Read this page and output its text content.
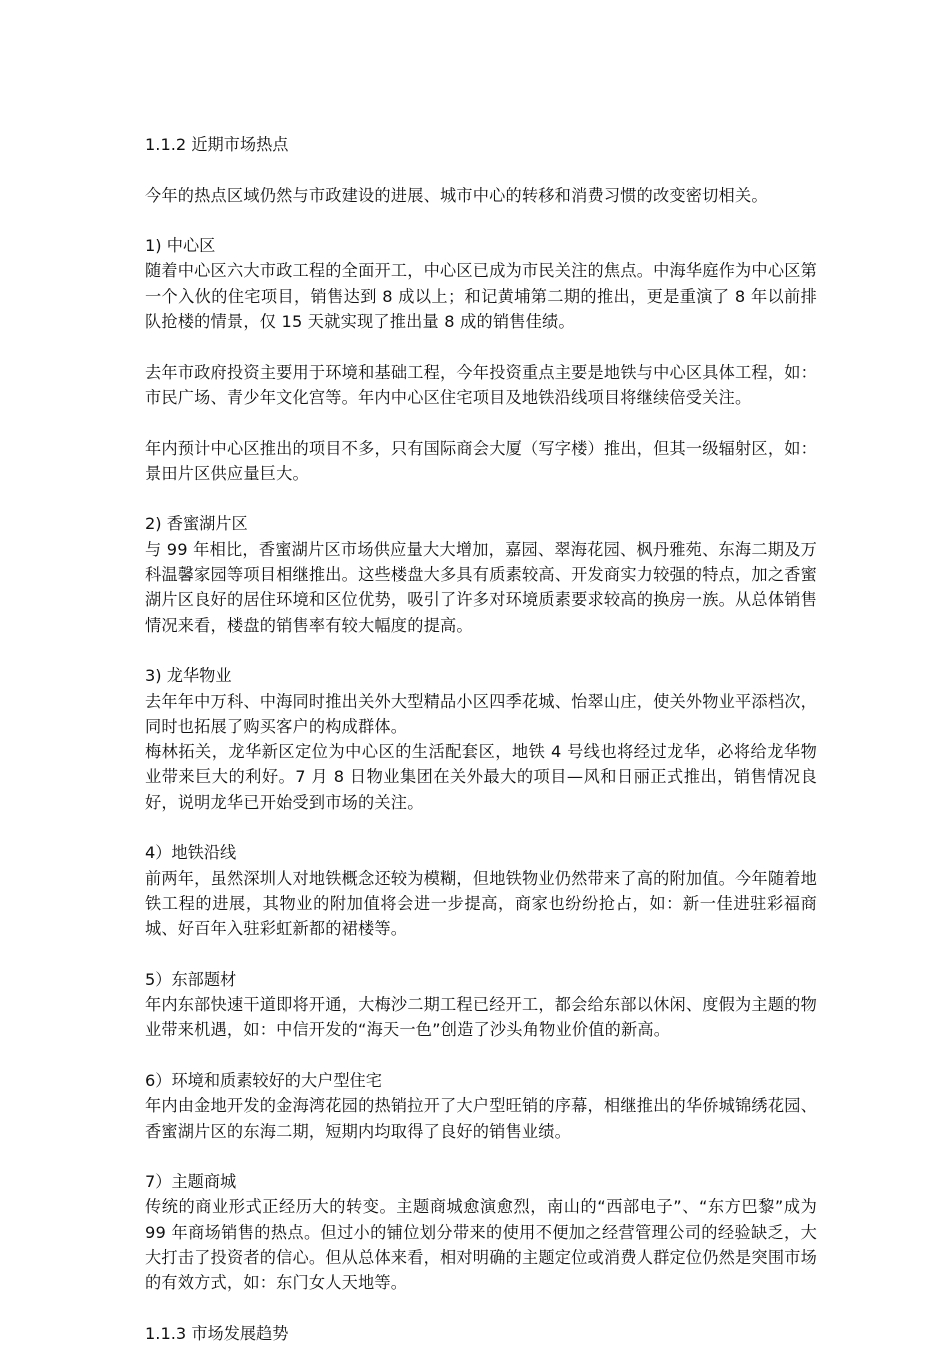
1.1.2 近期市场热点

今年的热点区域仍然与市政建设的进展、城市中心的转移和消费习惯的改变密切相关。

1) 中心区

随着中心区六大市政工程的全面开工，中心区已成为市民关注的焦点。中海华庭作为中心区第一个入伙的住宅项目，销售达到 8 成以上；和记黄埔第二期的推出，更是重演了 8 年以前排队抢楼的情景，仅 15 天就实现了推出量 8 成的销售佳绩。

去年市政府投资主要用于环境和基础工程，今年投资重点主要是地铁与中心区具体工程，如：市民广场、青少年文化宫等。年内中心区住宅项目及地铁沿线项目将继续倍受关注。

年内预计中心区推出的项目不多，只有国际商会大厦（写字楼）推出，但其一级辐射区，如：景田片区供应量巨大。

2) 香蜜湖片区

与 99 年相比，香蜜湖片区市场供应量大大增加，嘉园、翠海花园、枫丹雅苑、东海二期及万科温馨家园等项目相继推出。这些楼盘大多具有质素较高、开发商实力较强的特点，加之香蜜湖片区良好的居住环境和区位优势，吸引了许多对环境质素要求较高的换房一族。从总体销售情况来看，楼盘的销售率有较大幅度的提高。

3) 龙华物业

去年年中万科、中海同时推出关外大型精品小区四季花城、怡翠山庄，使关外物业平添档次，同时也拓展了购买客户的构成群体。

梅林拓关，龙华新区定位为中心区的生活配套区，地铁 4 号线也将经过龙华，必将给龙华物业带来巨大的利好。7 月 8 日物业集团在关外最大的项目—风和日丽正式推出，销售情况良好，说明龙华已开始受到市场的关注。

4）地铁沿线

前两年，虽然深圳人对地铁概念还较为模糊，但地铁物业仍然带来了高的附加值。今年随着地铁工程的进展，其物业的附加值将会进一步提高，商家也纷纷抢占，如：新一佳进驻彩福商城、好百年入驻彩虹新都的裙楼等。

5）东部题材

年内东部快速干道即将开通，大梅沙二期工程已经开工，都会给东部以休闲、度假为主题的物业带来机遇，如：中信开发的“海天一色”创造了沙头角物业价值的新高。

6）环境和质素较好的大户型住宅

年内由金地开发的金海湾花园的热销拉开了大户型旺销的序幕，相继推出的华侨城锦绣花园、香蜜湖片区的东海二期，短期内均取得了良好的销售业绩。

7）主题商城

传统的商业形式正经历大的转变。主题商城愈演愈烈，南山的“西部电子”、“东方巴黎”成为 99 年商场销售的热点。但过小的铺位划分带来的使用不便加之经营管理公司的经验缺乏，大大打击了投资者的信心。但从总体来看，相对明确的主题定位或消费人群定位仍然是突围市场的有效方式，如：东门女人天地等。

1.1.3 市场发展趋势
